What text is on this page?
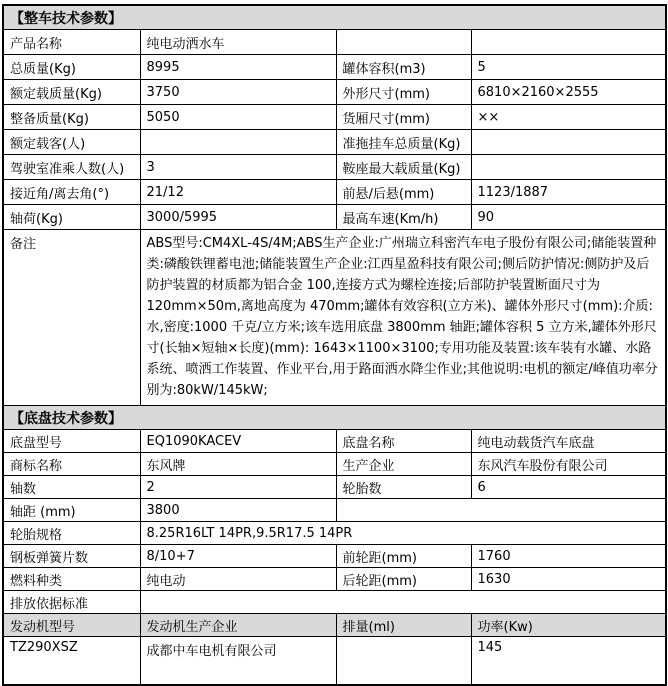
【整车技术参数】			
产品名称	纯电动洒水车		
总质量(Kg)	8995	罐体容积(m3)	5
额定载质量(Kg)	3750	外形尺寸(mm)	6810×2160×2555
整备质量(Kg)	5050	货厢尺寸(mm)	××
额定载客(人)		准拖挂车总质量(Kg)	
驾驶室准乘人数(人)	3	鞍座最大载质量(Kg)	
接近角/离去角(°)	21/12	前悬/后悬(mm)	1123/1887
轴荷(Kg)	3000/5995	最高车速(Km/h)	90
备注	ABS型号:CM4XL-4S/4M;ABS生产企业:广州瑞立科密汽车电子股份有限公司;储能装置种类:磷酸铁锂蓄电池;储能装置生产企业:江西星盈科技有限公司;侧后防护情况:侧防护及后防护装置的材质都为铝合金 100,连接方式为螺栓连接;后部防护装置断面尺寸为 120mm×50m,离地高度为 470mm;罐体有效容积(立方米)、罐体外形尺寸(mm):介质:水,密度:1000 千克/立方米;该车选用底盘 3800mm 轴距;罐体容积 5 立方米,罐体外形尺寸(长轴×短轴×长度)(mm): 1643×1100×3100;专用功能及装置:该车装有水罐、水路系统、喷洒工作装置、作业平台,用于路面洒水降尘作业;其他说明:电机的额定/峰值功率分别为:80kW/145kW;		
【底盘技术参数】			
底盘型号	EQ1090KACEV	底盘名称	纯电动载货汽车底盘
商标名称	东风牌	生产企业	东风汽车股份有限公司
轴数	2	轮胎数	6
轴距 (mm)	3800		
轮胎规格	8.25R16LT 14PR,9.5R17.5 14PR		
钢板弹簧片数	8/10+7	前轮距(mm)	1760
燃料种类	纯电动	后轮距(mm)	1630
排放依据标准			
发动机型号	发动机生产企业	排量(ml)	功率(Kw)
TZ290XSZ	成都中车电机有限公司		145
